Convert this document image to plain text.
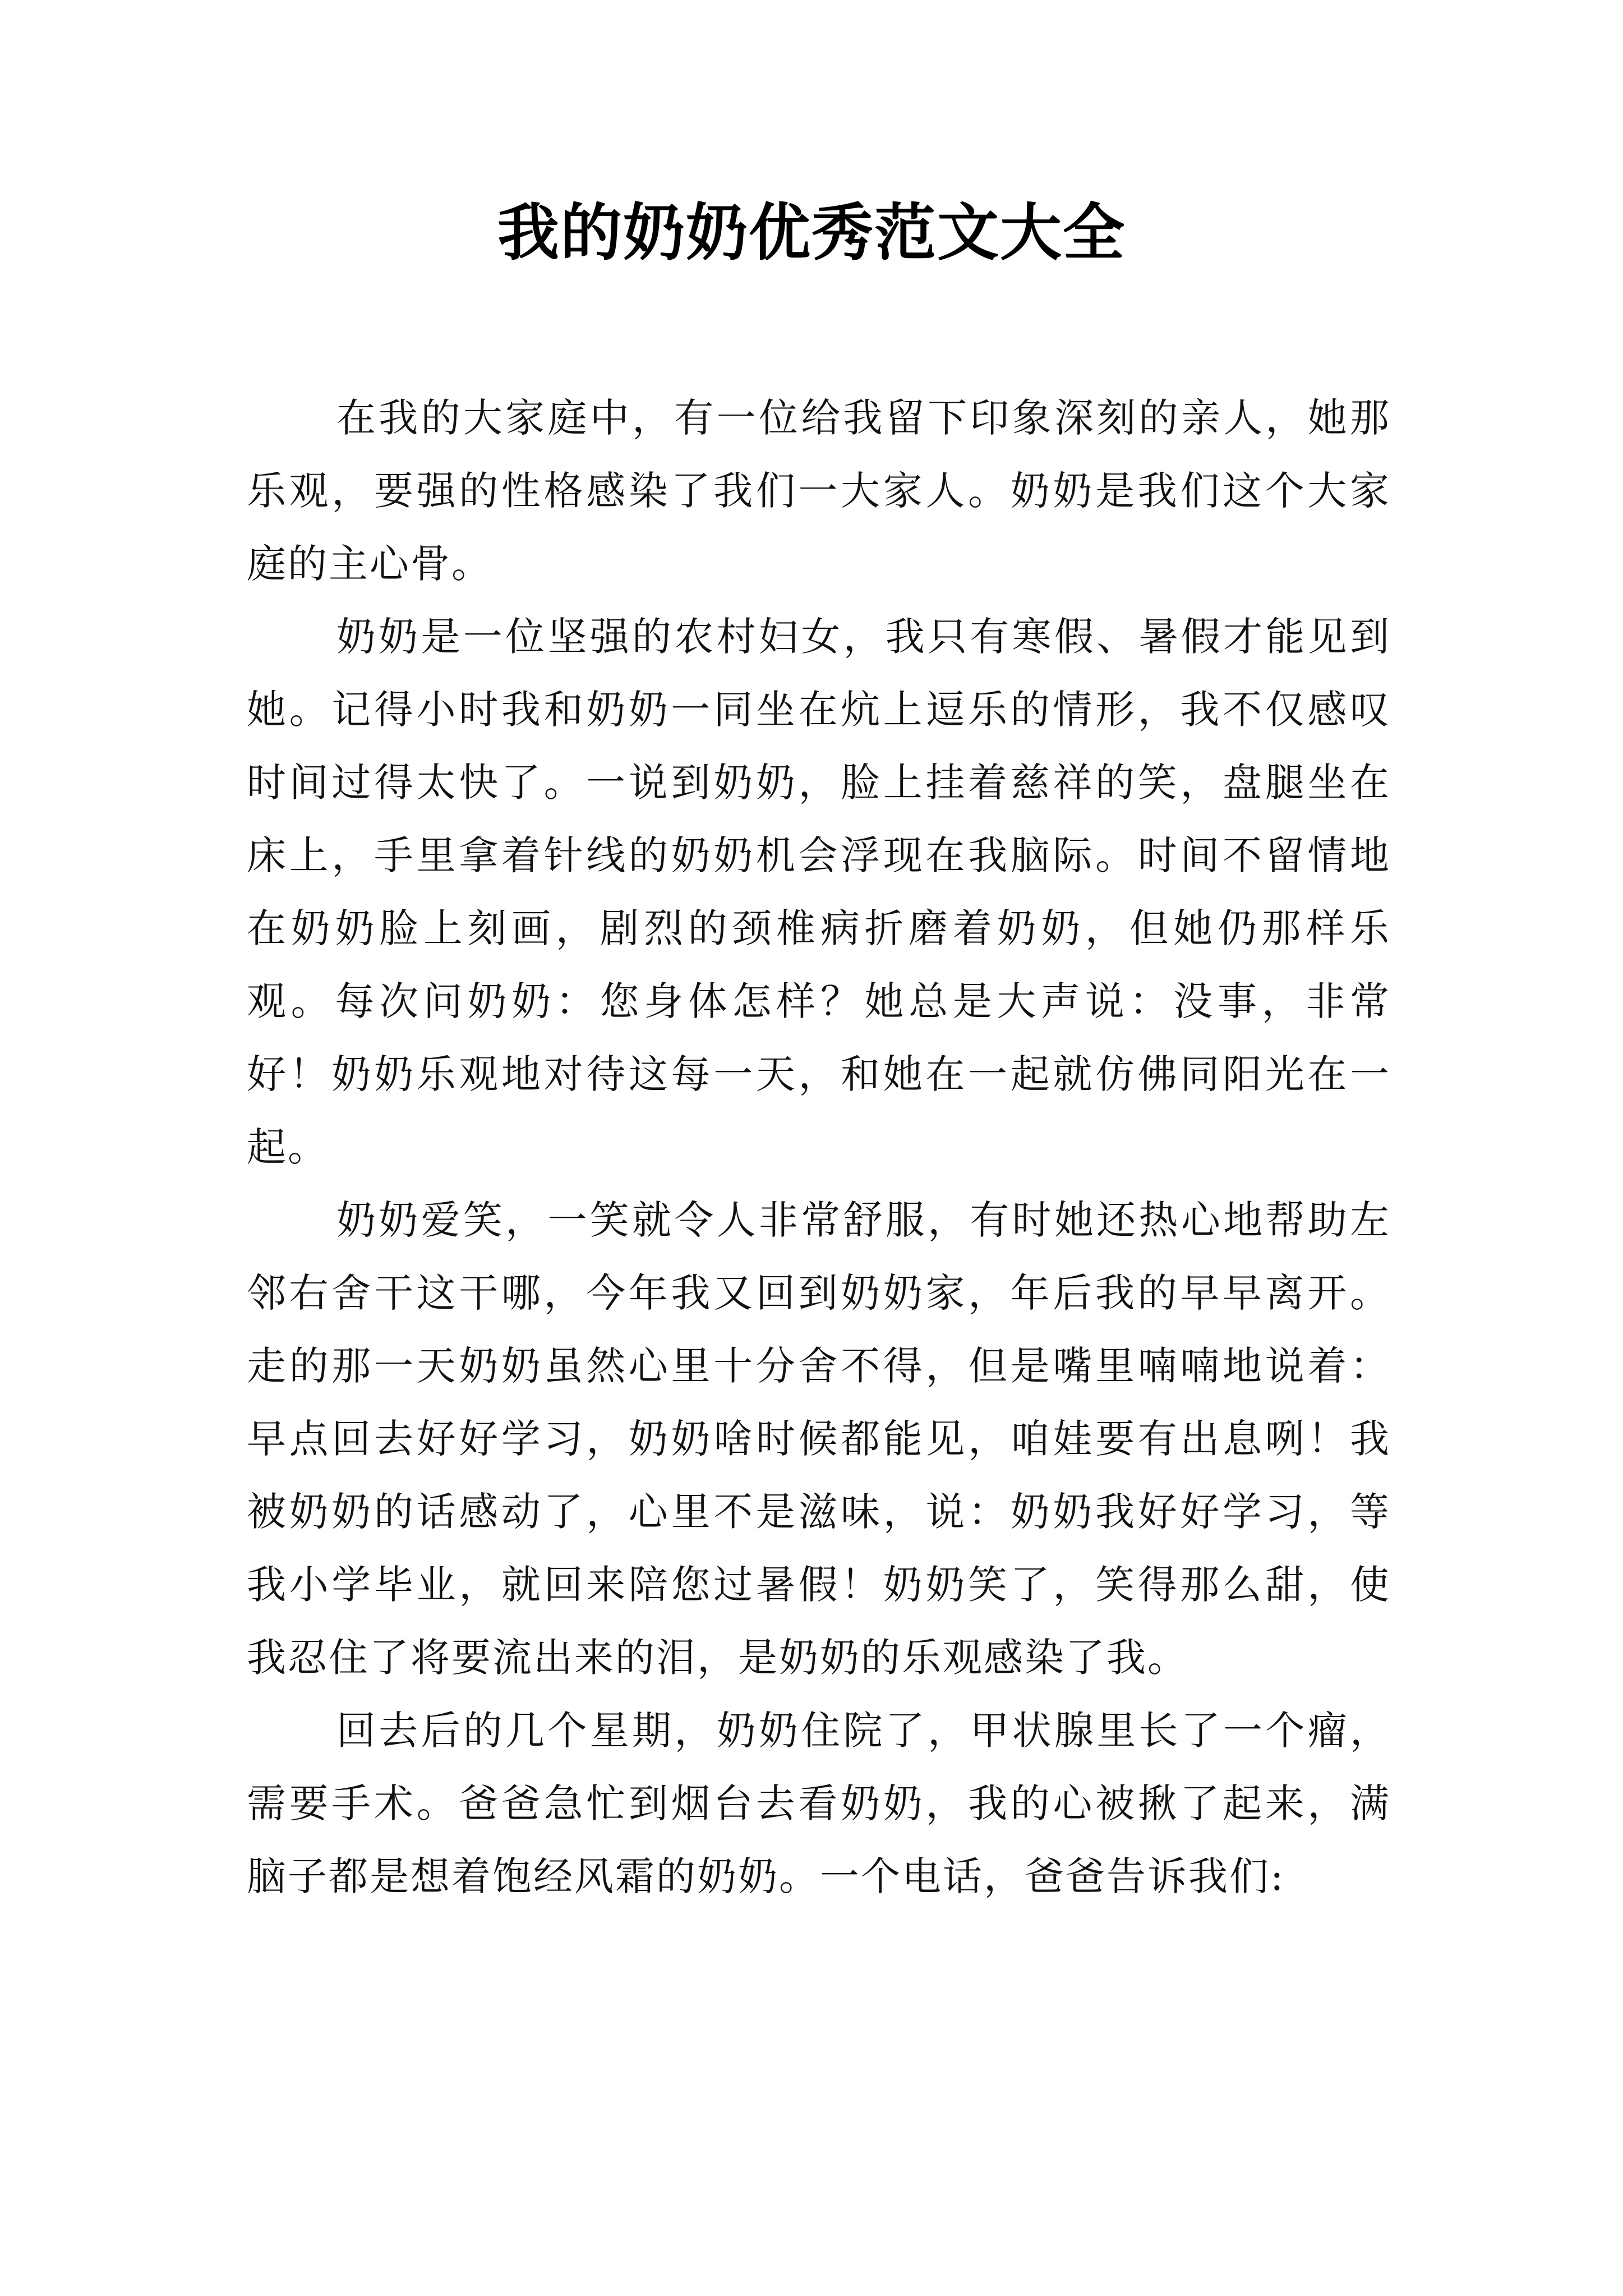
我的奶奶优秀范文大全

在我的大家庭中，有一位给我留下印象深刻的亲人，她那乐观，要强的性格感染了我们一大家人。奶奶是我们这个大家庭的主心骨。

奶奶是一位坚强的农村妇女，我只有寒假、暑假才能见到她。记得小时我和奶奶一同坐在炕上逗乐的情形，我不仅感叹时间过得太快了。一说到奶奶，脸上挂着慈祥的笑，盘腿坐在床上，手里拿着针线的奶奶机会浮现在我脑际。时间不留情地在奶奶脸上刻画，剧烈的颈椎病折磨着奶奶，但她仍那样乐观。每次问奶奶：您身体怎样？她总是大声说：没事，非常好！奶奶乐观地对待这每一天，和她在一起就仿佛同阳光在一起。

奶奶爱笑，一笑就令人非常舒服，有时她还热心地帮助左邻右舍干这干哪，今年我又回到奶奶家，年后我的早早离开。走的那一天奶奶虽然心里十分舍不得，但是嘴里喃喃地说着：早点回去好好学习，奶奶啥时候都能见，咱娃要有出息咧！我被奶奶的话感动了，心里不是滋味，说：奶奶我好好学习，等我小学毕业，就回来陪您过暑假！奶奶笑了，笑得那么甜，使我忍住了将要流出来的泪，是奶奶的乐观感染了我。

回去后的几个星期，奶奶住院了，甲状腺里长了一个瘤，需要手术。爸爸急忙到烟台去看奶奶，我的心被揪了起来，满脑子都是想着饱经风霜的奶奶。一个电话，爸爸告诉我们:
